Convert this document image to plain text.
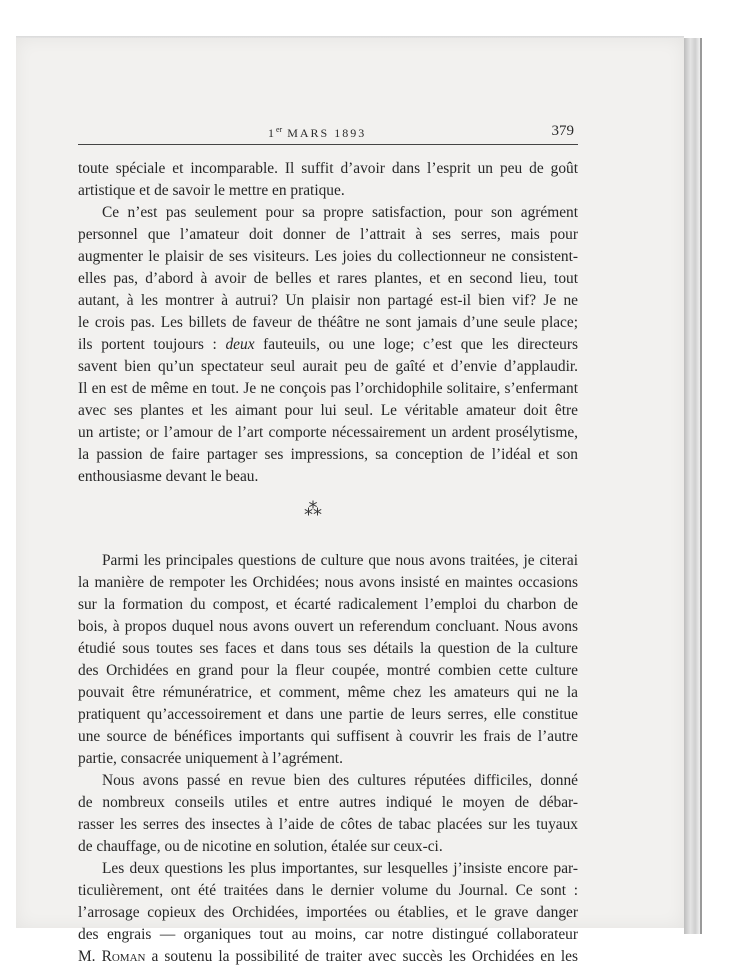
1er MARS 1893	379
toute spéciale et incomparable. Il suffit d’avoir dans l’esprit un peu de goût
artistique et de savoir le mettre en pratique.
Ce n’est pas seulement pour sa propre satisfaction, pour son agrément
personnel que l’amateur doit donner de l’attrait à ses serres, mais pour
augmenter le plaisir de ses visiteurs. Les joies du collectionneur ne consistent-
elles pas, d’abord à avoir de belles et rares plantes, et en second lieu, tout
autant, à les montrer à autrui? Un plaisir non partagé est-il bien vif? Je ne
le crois pas. Les billets de faveur de théâtre ne sont jamais d’une seule place;
ils portent toujours : deux fauteuils, ou une loge; c’est que les directeurs
savent bien qu’un spectateur seul aurait peu de gaîté et d’envie d’applaudir.
Il en est de même en tout. Je ne conçois pas l’orchidophile solitaire, s’enfermant
avec ses plantes et les aimant pour lui seul. Le véritable amateur doit être
un artiste; or l’amour de l’art comporte nécessairement un ardent prosélytisme,
la passion de faire partager ses impressions, sa conception de l’idéal et son
enthousiasme devant le beau.
⁂
Parmi les principales questions de culture que nous avons traitées, je citerai
la manière de rempoter les Orchidées; nous avons insisté en maintes occasions
sur la formation du compost, et écarté radicalement l’emploi du charbon de
bois, à propos duquel nous avons ouvert un referendum concluant. Nous avons
étudié sous toutes ses faces et dans tous ses détails la question de la culture
des Orchidées en grand pour la fleur coupée, montré combien cette culture
pouvait être rémunératrice, et comment, même chez les amateurs qui ne la
pratiquent qu’accessoirement et dans une partie de leurs serres, elle constitue
une source de bénéfices importants qui suffisent à couvrir les frais de l’autre
partie, consacrée uniquement à l’agrément.
Nous avons passé en revue bien des cultures réputées difficiles, donné
de nombreux conseils utiles et entre autres indiqué le moyen de débar-
rasser les serres des insectes à l’aide de côtes de tabac placées sur les tuyaux
de chauffage, ou de nicotine en solution, étalée sur ceux-ci.
Les deux questions les plus importantes, sur lesquelles j’insiste encore par-
ticulièrement, ont été traitées dans le dernier volume du Journal. Ce sont :
l’arrosage copieux des Orchidées, importées ou établies, et le grave danger
des engrais — organiques tout au moins, car notre distingué collaborateur
M. Roman a soutenu la possibilité de traiter avec succès les Orchidées en les
